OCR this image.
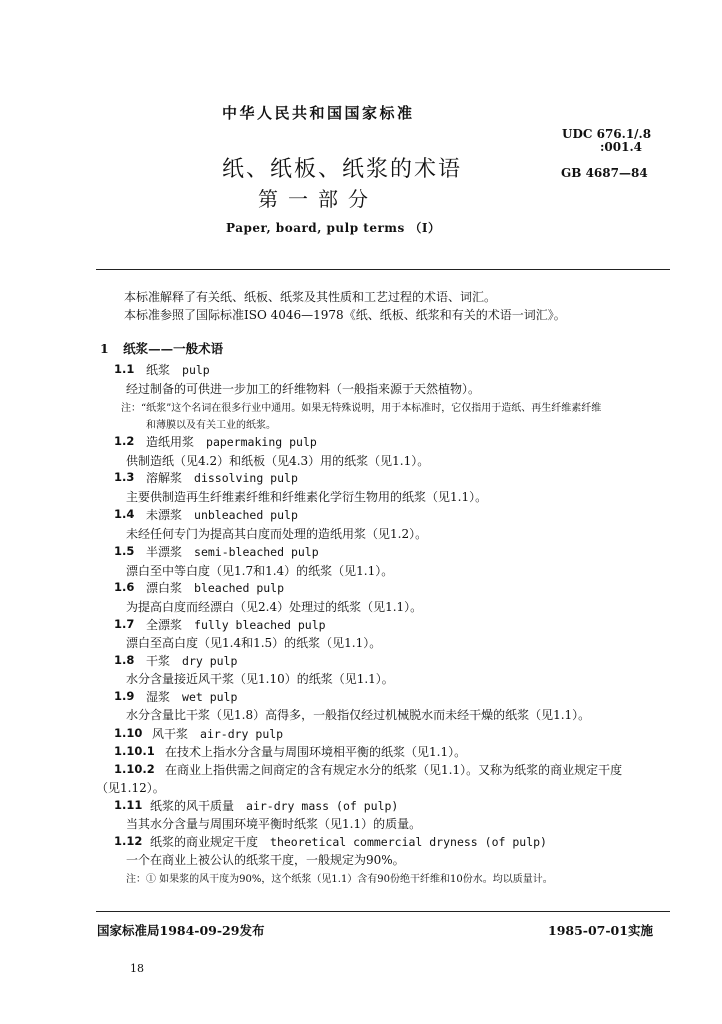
中华人民共和国国家标准
UDC 676.1/.8
:001.4
纸、纸板、纸浆的术语	GB 4687—84
第一部分
Paper, board, pulp terms （Ⅰ）
本标准解释了有关纸、纸板、纸浆及其性质和工艺过程的术语、词汇。
本标准参照了国际标准ISO 4046—1978《纸、纸板、纸浆和有关的术语一词汇》。
1 纸浆——一般术语
1.1 纸浆 pulp
经过制备的可供进一步加工的纤维物料（一般指来源于天然植物）。
注：“纸浆”这个名词在很多行业中通用。如果无特殊说明，用于本标准时，它仅指用于造纸、再生纤维素纤维
和薄膜以及有关工业的纸浆。
1.2 造纸用浆 papermaking pulp
供制造纸（见4.2）和纸板（见4.3）用的纸浆（见1.1）。
1.3 溶解浆 dissolving pulp
主要供制造再生纤维素纤维和纤维素化学衍生物用的纸浆（见1.1）。
1.4 未漂浆 unbleached pulp
未经任何专门为提高其白度而处理的造纸用浆（见1.2）。
1.5 半漂浆 semi-bleached pulp
漂白至中等白度（见1.7和1.4）的纸浆（见1.1）。
1.6 漂白浆 bleached pulp
为提高白度而经漂白（见2.4）处理过的纸浆（见1.1）。
1.7 全漂浆 fully bleached pulp
漂白至高白度（见1.4和1.5）的纸浆（见1.1）。
1.8 干浆 dry pulp
水分含量接近风干浆（见1.10）的纸浆（见1.1）。
1.9 湿浆 wet pulp
水分含量比干浆（见1.8）高得多，一般指仅经过机械脱水而未经干燥的纸浆（见1.1）。
1.10 风干浆 air-dry pulp
1.10.1 在技术上指水分含量与周围环境相平衡的纸浆（见1.1）。
1.10.2 在商业上指供需之间商定的含有规定水分的纸浆（见1.1）。又称为纸浆的商业规定干度
（见1.12）。
1.11 纸浆的风干质量 air-dry mass (of pulp)
当其水分含量与周围环境平衡时纸浆（见1.1）的质量。
1.12 纸浆的商业规定干度 theoretical commercial dryness (of pulp)
一个在商业上被公认的纸浆干度，一般规定为90%。
注：① 如果浆的风干度为90%，这个纸浆（见1.1）含有90份绝干纤维和10份水。均以质量计。
国家标准局1984-09-29发布	1985-07-01实施
18
